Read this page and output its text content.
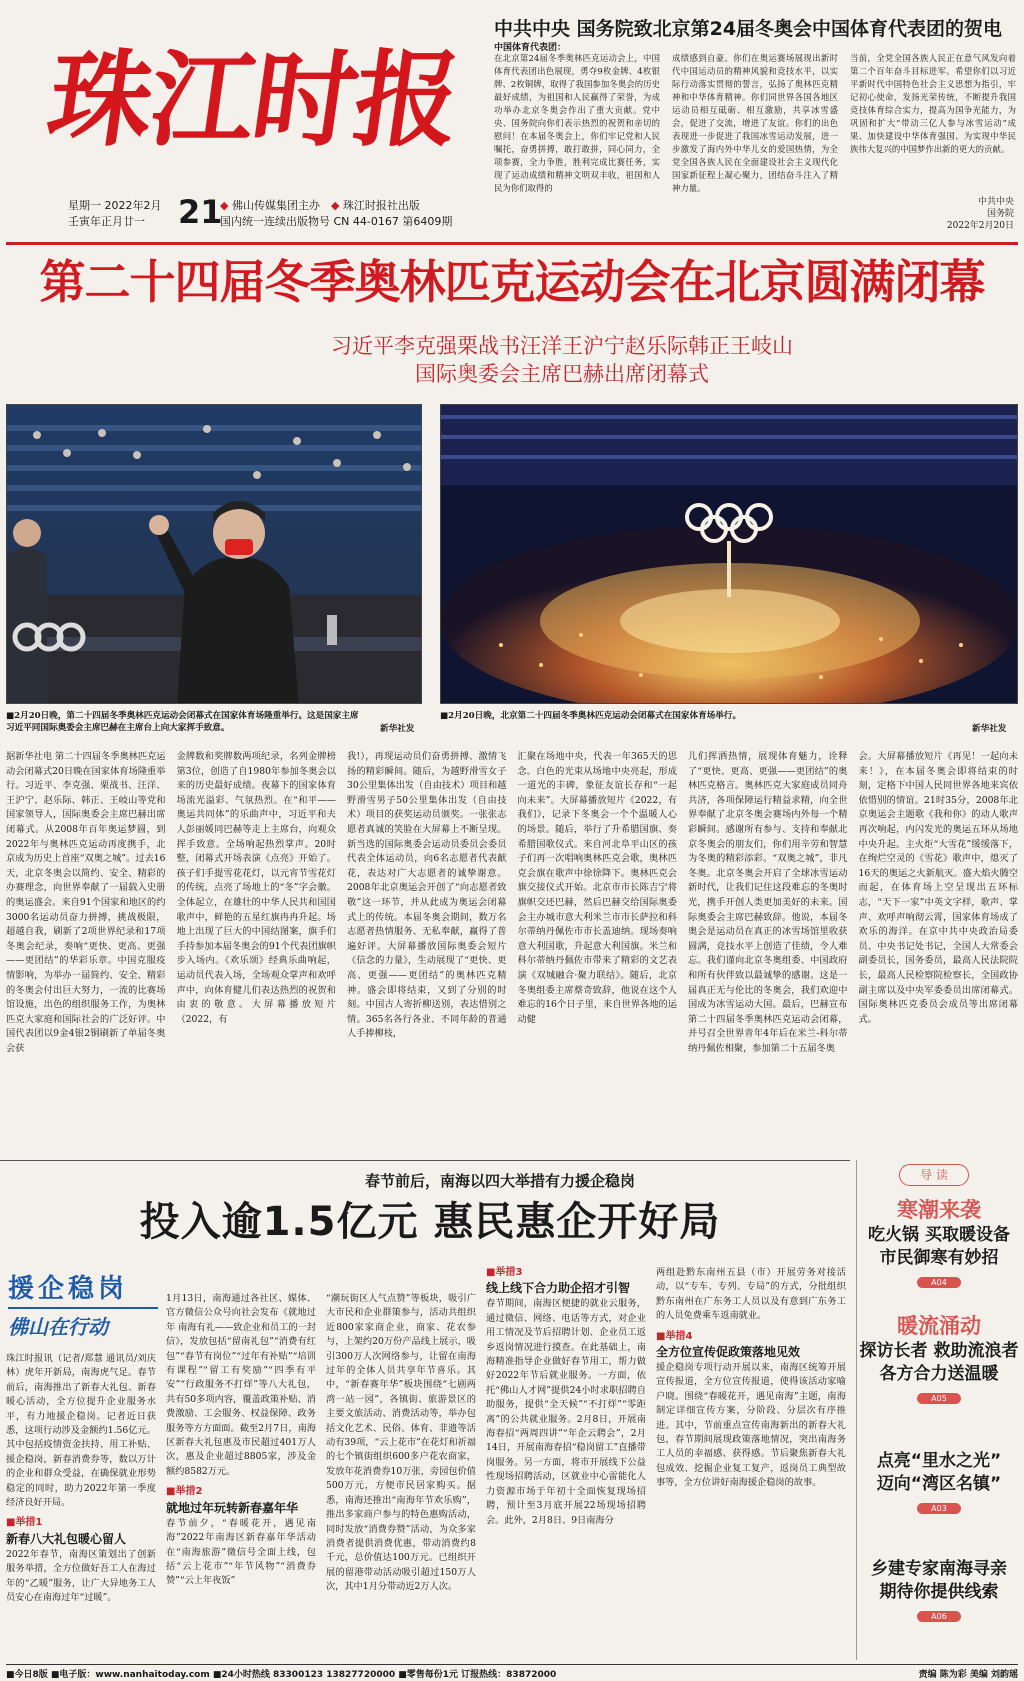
珠江时报
星期一 2022年2月
壬寅年正月廿一 21
◆ 佛山传媒集团主办　 ◆ 珠江时报社出版
国内统一连续出版物号 CN 44-0167 第6409期
中共中央 国务院致北京第24届冬奥会中国体育代表团的贺电
中国体育代表团：
在北京第24届冬季奥林匹克运动会上，中国体育代表团出色展现，勇夺9枚金牌、4枚银牌、2枚铜牌，取得了我国参加冬奥会的历史最好成绩，为祖国和人民赢得了荣誉，为成功举办北京冬奥会作出了重大贡献。党中央、国务院向你们表示热烈的祝贺和亲切的慰问！在本届冬奥会上，你们牢记党和人民嘱托，奋勇拼搏，敢打敢拼，同心同力，全项参赛，全力争胜，胜利完成比赛任务，实现了运动成绩和精神文明双丰收，祖国和人民为你们取得的
成绩感到自豪。你们在奥运赛场展现出新时代中国运动员的精神风貌和竞技水平，以实际行动落实贯彻的誓言，弘扬了奥林匹克精神和中华体育精神。你们同世界各国各地区运动员相互砥砺、相互激励，共享冰雪盛会，促进了交流，增进了友谊。你们的出色表现进一步促进了我国冰雪运动发展，进一步激发了海内外中华儿女的爱国热情，为全党全国各族人民在全面建设社会主义现代化国家新征程上凝心聚力，团结奋斗注入了精神力量。
当前，全党全国各族人民正在意气风发向着第二个百年奋斗目标进军。希望你们以习近平新时代中国特色社会主义思想为指引，牢记初心使命，发扬光荣传统，不断提升我国竞技体育综合实力，提高为国争光能力，为巩固和扩大“带动三亿人参与冰雪运动”成果、加快建设中华体育强国、为实现中华民族伟大复兴的中国梦作出新的更大的贡献。
中共中央
国务院
2022年2月20日
第二十四届冬季奥林匹克运动会在北京圆满闭幕
习近平李克强栗战书汪洋王沪宁赵乐际韩正王岐山
国际奥委会主席巴赫出席闭幕式
■2月20日晚，第二十四届冬季奥林匹克运动会闭幕式在国家体育场隆重举行。这是国家主席习近平同国际奥委会主席巴赫在主席台上向大家挥手致意。	新华社发
■2月20日晚，北京第二十四届冬季奥林匹克运动会闭幕式在国家体育场举行。
新华社发
据新华社电 第二十四届冬季奥林匹克运动会闭幕式20日晚在国家体育场隆重举行。习近平、李克强、栗战书、汪洋、王沪宁、赵乐际、韩正、王岐山等党和国家领导人，国际奥委会主席巴赫出席闭幕式。从2008年百年奥运梦圆，到2022年与奥林匹克运动再度携手，北京成为历史上首座“双奥之城”。过去16天，北京冬奥会以简约、安全、精彩的办赛理念，向世界奉献了一届载入史册的奥运盛会。来自91个国家和地区的约3000名运动员奋力拼搏，挑战极限，超越自我，刷新了2项世界纪录和17项冬奥会纪录，奏响“更快、更高、更强——更团结”的华彩乐章。中国克服疫情影响，为举办一届简约、安全、精彩的冬奥会付出巨大努力，一流的比赛场馆设施，出色的组织服务工作，为奥林匹克大家庭和国际社会的广泛好评。中国代表团以9金4银2铜刷新了单届冬奥会获
金牌数和奖牌数两项纪录，名列金牌榜第3位，创造了自1980年参加冬奥会以来的历史最好成绩。夜幕下的国家体育场流光溢彩、气氛热烈。在“和平——奥运共同体”的乐曲声中，习近平和夫人彭丽媛同巴赫等走上主席台，向观众挥手致意。全场响起热烈掌声。20时整，闭幕式开场表演《点亮》开始了。孩子们手提雪花花灯，以元宵节雪花灯的传统，点亮了场地上的“冬”字会徽。全体起立，在雄壮的中华人民共和国国歌声中，鲜艳的五星红旗冉冉升起。场地上出现了巨大的中国结图案，旗手们手持参加本届冬奥会的91个代表团旗帜步入场内。《欢乐颂》经典乐曲响起，运动员代表入场，全场观众掌声和欢呼声中，向体育健儿们表达热烈的祝贺和由衷的敬意。大屏幕播放短片（2022，有
我!），再现运动员们奋勇拼搏、激情飞扬的精彩瞬间。随后，为越野滑雪女子30公里集体出发（自由技术）项目和越野滑雪男子50公里集体出发（自由技术）项目的获奖运动员颁奖。一张张志愿者真诚的笑脸在大屏幕上不断呈现。新当选的国际奥委会运动员委员会委员代表全体运动员，向6名志愿者代表献花，表达对广大志愿者的诚挚谢意。2008年北京奥运会开创了“向志愿者致敬”这一环节，并从此成为奥运会闭幕式上的传统。本届冬奥会期间，数万名志愿者热情服务、无私奉献，赢得了普遍好评。大屏幕播放国际奥委会短片《信念的力量》，生动展现了“更快、更高、更强——更团结”的奥林匹克精神。盛会即将结束，又到了分别的时刻。中国古人寄折柳送别，表达惜别之情。365名各行各业、不同年龄的普通人手捧柳枝，
汇聚在场地中央，代表一年365天的思念。白色的光束从场地中央亮起，形成一道光的丰碑，象征友谊长存和“一起向未来”。大屏幕播放短片《2022，有我们》，记录下冬奥会一个个温暖人心的场景。随后，举行了升希腊国旗、奏希腊国歌仪式。来自河北阜平山区的孩子们再一次唱响奥林匹克会歌，奥林匹克会旗在歌声中徐徐降下。奥林匹克会旗交接仪式开始。北京市市长陈吉宁将旗帜交还巴赫，然后巴赫交给国际奥委会主办城市意大利米兰市市长萨拉和科尔蒂纳丹佩佐市市长盖迪纳。现场奏响意大利国歌，升起意大利国旗。米兰和科尔蒂纳丹佩佐市带来了精彩的文艺表演《双城融合·聚力联结》。随后，北京冬奥组委主席蔡奇致辞，他说在这个人难忘的16个日子里，来自世界各地的运动健
儿们挥洒热情，展现体育魅力，诠释了“更快、更高、更强——更团结”的奥林匹克格言。奥林匹克大家庭成员同舟共济，各项保障运行精益求精，向全世界奉献了北京冬奥会赛场内外每一个精彩瞬间。感谢所有参与、支持和奉献北京冬奥会的朋友们，你们用辛劳和智慧为冬奥的精彩添彩。“双奥之城”，非凡冬奥。北京冬奥会开启了全球冰雪运动新时代，让我们记住这段难忘的冬奥时光，携手开创人类更加美好的未来。国际奥委会主席巴赫致辞。他说，本届冬奥会是运动员在真正的冰雪场馆里收获圆满，竞技水平上创造了佳绩，令人难忘。我们谨向北京冬奥组委、中国政府和所有伙伴致以最诚挚的感谢。这是一届真正无与伦比的冬奥会，我们欢迎中国成为冰雪运动大国。最后，巴赫宣布第二十四届冬季奥林匹克运动会闭幕，并号召全世界青年4年后在米兰-科尔蒂纳丹佩佐相聚，参加第二十五届冬奥
会。大屏幕播放短片《再见！一起向未来！》，在本届冬奥会即将结束的时刻，定格下中国人民同世界各地来宾依依惜别的情谊。21时35分，2008年北京奥运会主题歌《我和你》的动人歌声再次响起，内闪发光的奥运五环从场地中央升起。主火炬“大雪花”缓缓落下，在绚烂空灵的《雪花》歌声中，熄灭了16天的奥运之火新航灭。盛大焰火腾空而起，在体育场上空呈现出五环标志，“天下一家”中英文字样，歌声、掌声、欢呼声响彻云霄，国家体育场成了欢乐的海洋。在京中共中央政治局委员、中央书记处书记，全国人大常委会副委员长，国务委员，最高人民法院院长，最高人民检察院检察长，全国政协副主席以及中央军委委员出席闭幕式。国际奥林匹克委员会成员等出席闭幕式。
春节前后，南海以四大举措有力援企稳岗
投入逾1.5亿元 惠民惠企开好局
援企稳岗
佛山在行动
珠江时报讯（记者/郑慧 通讯员/刘庆林）虎年开新局，南海虎气足。春节前后，南海推出了新春大礼包、新春暖心活动，全方位提升企业服务水平，有力地援企稳岗。记者近日获悉，这项行动涉及金额约1.56亿元。其中包括疫情资金扶持、用工补贴、援企稳岗，新春消费券等，数以万计的企业和群众受益，在确保就业形势稳定的同时，助力2022年第一季度经济良好开局。
■举措1
新春八大礼包暖心留人
2022年春节，南海区策划出了创新服务举措，全方位做好吾工人在海过年的“乙暖”服务，让广大异地务工人员安心在南海过年“过暖”。
1月13日，南海通过各社区、媒体、官方微信公众号向社会发布《就地过年 南海有礼——致企业和员工的一封信》，发放包括“留南礼包”“消费有红包”“春节有岗位”“过年有补贴”“培训有课程”“留工有奖励”“四季有平安”“行政服务不打烊”等八大礼包，共有50多项内容，覆盖政策补贴、消费激励、工会服务、权益保障、政务服务等方方面面。截至2月7日，南海区新春大礼包惠及市民超过401万人次，惠及企业超过8805家，涉及金额约8582万元。
■举措2
就地过年玩转新春嘉年华
春节前夕，“春暖花开，遇见南海”2022年南海区新春嘉年华活动在“南海旅游”微信号全面上线，包括“云上花市”“年节风物”“消费券赞”“云上年夜饭”
“潮玩街区人气点赞”等板块，吸引广大市民和企业群策参与，活动共组织近800家家商企业，商家、花农参与，上架约20万份产品线上展示，吸引300万人次网络参与，让留在南海过年的全体人员共享年节喜乐。其中，“新春赛年华”板块围绕“七剧两湾一站一园”，各镇街、旅游景区的主要文旅活动、消费活动等，举办包括文化艺术、民俗、体育、非遗等活动有39项，“云上花市”在花灯和祈福的七个镇街组织600多户花农商家，发放年花消费券10万张，旁园包价值500万元，方便市民居家购买。据悉，南海还推出“南海年节欢乐购”，推出多家商户参与的特色惠购活动，同时发放“消费券赞”活动，为众多家消费者提供消费优惠，带动消费约8千元，总价值达100万元。已组织开展的留港带动活动吸引超过150万人次，其中1月分带动近2万人次。
■举措3
线上线下合力助企招才引智
春节期间，南海区便捷的就业云服务，通过微信、网络、电话等方式，对企业用工情况及节后招聘计划、企业员工返乡返岗情况进行摸查。在此基础上，南海精准指导企业做好春节用工，帮力做好2022年节后就业服务。一方面，依托“佛山人才网”提供24小时求职招聘自助服务，提供“全天候”“不打烊”“零距离”的公共就业服务。2月8日，开展南海春招“两周四讲”“年企云聘会”，2月14日，开展南海春招“稳岗留工”直播带岗服务。另一方面，将市开展线下公益性现场招聘活动，区就业中心雷能化人力资源市场于年初十全面恢复现场招聘，预计至3月底开展22场现场招聘会。此外，2月8日、9日南海分
两组赴黔东南州五县（市）开展劳务对接活动，以“专车、专列、专局”的方式，分批组织黔东南州在广东务工人员以及有意到广东务工的人员免费乘车返南就业。
■举措4
全方位宣传促政策落地见效
援企稳岗专项行动开展以来，南海区统筹开展宣传报道，全方位宣传报道，使得该活动家喻户晓。围绕“春暖花开，遇见南海”主题，南海制定详细宣传方案，分阶段、分层次有序推进。其中，节前重点宣传南海新出的新春大礼包，春节期间展现政策落地情况，突出南海务工人员的幸福感、获得感。节后聚焦新春大礼包成效、挖掘企业复工复产，返岗员工典型故事等，全方位讲好南海援企稳岗的故事。
导 读
寒潮来袭
吃火锅 买取暖设备
市民御寒有妙招
A04
暖流涌动
探访长者 救助流浪者
各方合力送温暖
A05
点亮“里水之光”
迈向“湾区名镇”
A03
乡建专家南海寻亲
期待你提供线索
A06
■今日8版 ■电子版：www.nanhaitoday.com ■24小时热线 83300123 13827720000 ■零售每份1元 订报热线：83872000	责编 陈为彩 美编 刘韵瑶
